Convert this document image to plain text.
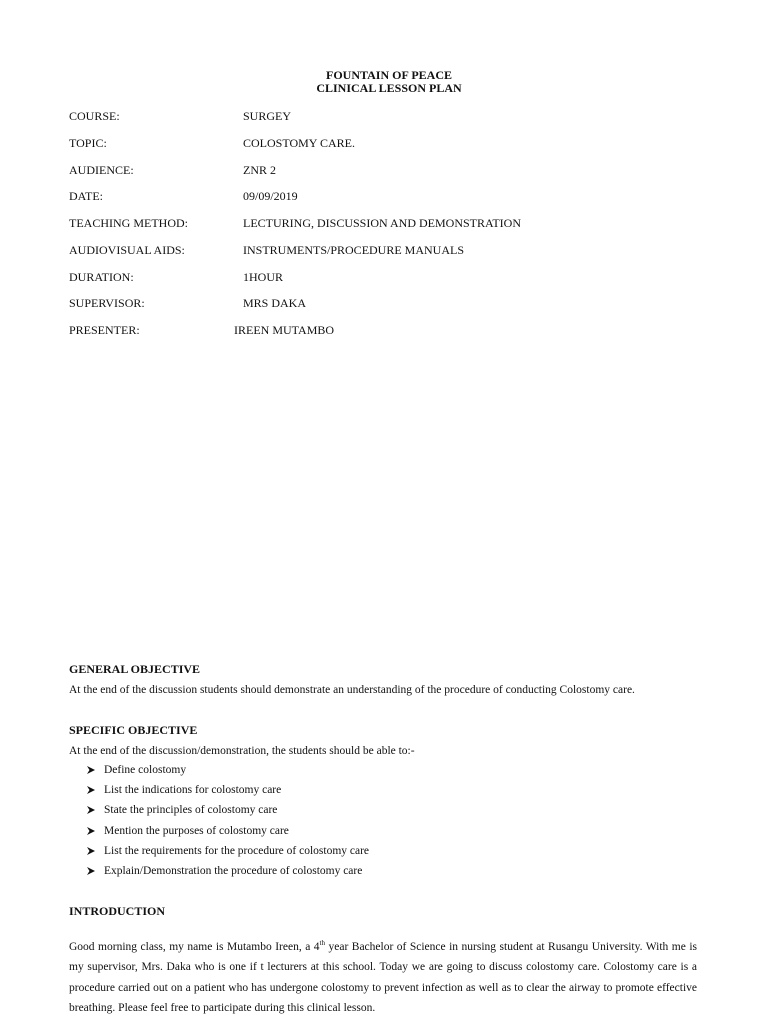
FOUNTAIN OF PEACE
CLINICAL LESSON PLAN
COURSE:	SURGEY
TOPIC:	COLOSTOMY CARE.
AUDIENCE:	ZNR 2
DATE:	09/09/2019
TEACHING METHOD:	LECTURING, DISCUSSION AND DEMONSTRATION
AUDIOVISUAL AIDS:	INSTRUMENTS/PROCEDURE MANUALS
DURATION:	1HOUR
SUPERVISOR:	MRS DAKA
PRESENTER:	IREEN MUTAMBO
GENERAL OBJECTIVE
At the end of the discussion students should demonstrate an understanding of the procedure of conducting Colostomy care.
SPECIFIC OBJECTIVE
At the end of the discussion/demonstration, the students should be able to:-
Define colostomy
List the indications for colostomy care
State the principles of colostomy care
Mention the purposes of colostomy care
List the requirements for the procedure of colostomy care
Explain/Demonstration the procedure of colostomy care
INTRODUCTION
Good morning class, my name is Mutambo Ireen, a 4th year Bachelor of Science in nursing student at Rusangu University. With me is my supervisor, Mrs. Daka who is one if t lecturers at this school. Today we are going to discuss colostomy care. Colostomy care is a procedure carried out on a patient who has undergone colostomy to prevent infection as well as to clear the airway to promote effective breathing. Please feel free to participate during this clinical lesson.
